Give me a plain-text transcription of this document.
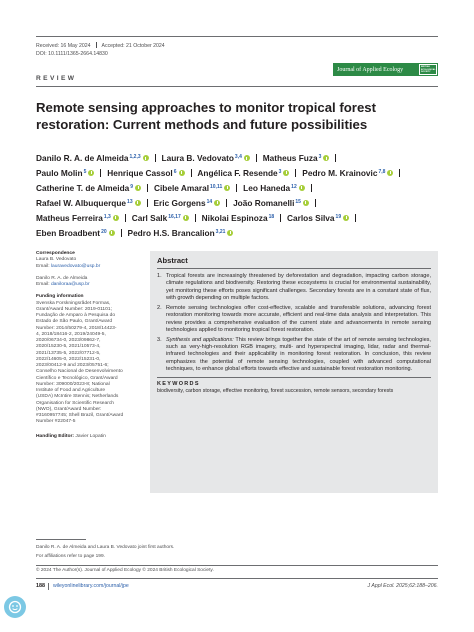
Received: 16 May 2024 Accepted: 21 October 2024
DOI: 10.1111/1365-2664.14830
Journal of Applied Ecology	BRITISH ECOLOGICAL SOCIETY
REVIEW
Remote sensing approaches to monitor tropical forest restoration: Current methods and future possibilities
Danilo R. A. de Almeida$^{1,2,3}$	Laura B. Vedovato$^{3,4}$	Matheus Fuza$^3$
Paulo Molin$^5$	Henrique Cassol$^6$	Angélica F. Resende$^3$	Pedro M. Krainovic$^{7,8}$
Catherine T. de Almeida$^9$	Cibele Amaral$^{10,11}$	Leo Haneda$^{12}$
Rafael W. Albuquerque$^{13}$	Eric Gorgens$^{14}$	João Romanelli$^{15}$
Matheus Ferreira$^{1,3}$	Carl Salk$^{16,17}$	Nikolai Espinoza$^{18}$ Carlos Silva$^{19}$
Eben Broadbent$^{20}$	Pedro H.S. Brancalion$^{3,21}$
Correspondence
Laura B. Vedovato
Email: lauravedovato@usp.br
Danilo R. A. de Almeida
Email: daniloraa@usp.br
Funding information
Svenska Forskningsrådet Formas,
Grant/Award Number: 2019-01101;
Fundação de Amparo à Pesquisa do
Estado de São Paulo, Grant/Award
Number: 2014/50279-4, 2018/14423-
4, 2018/18416-2, 2019/24049-5,
2020/06734-0, 2023/09862-7,
2020/15230-5, 2021/10573-4,
2021/13735-5, 2022/07712-5,
2022/14605-0, 2022/15231-0,
2023/00412-9 and 2023/05751-6;
Conselho Nacional de Desenvolvimento
Científico e Tecnológico, Grant/Award
Number: 309000/2023-8; National
Institute of Food and Agriculture
(USDA) McIntire Stennis; Netherlands
Organisation for Scientific Research
(NWO), Grant/Award Number:
#3160957745; Shell Brazil, Grant/Award
Number #22047-5
Handling Editor: Javier Lopatin
Abstract
1. Tropical forests are increasingly threatened by deforestation and degradation, impacting carbon storage, climate regulations and biodiversity. Restoring these ecosystems is crucial for environmental sustainability, yet monitoring these efforts poses significant challenges. Secondary forests are in a constant state of flux, with growth depending on multiple factors.
2. Remote sensing technologies offer cost-effective, scalable and transferable solutions, advancing forest restoration monitoring towards more accurate, efficient and real-time data analysis and interpretation. This review provides a comprehensive evaluation of the current state and advancements in remote sensing technologies applied to monitoring tropical forest restoration.
3. Synthesis and applications: This review brings together the state of the art of remote sensing technologies, such as very-high-resolution RGB imagery, multi- and hyperspectral imaging, lidar, radar and thermal-infrared technologies and their applicability in monitoring forest restoration. In conclusion, this review emphasizes the potential of remote sensing technologies, coupled with advanced computational techniques, to enhance global efforts towards effective and sustainable forest restoration monitoring.
KEYWORDS
biodiversity, carbon storage, effective monitoring, forest succession, remote sensors, secondary forests
Danilo R. A. de Almeida and Laura B. Vedovato joint first authors.
For affiliations refer to page 199.
© 2024 The Author(s). Journal of Applied Ecology © 2024 British Ecological Society.
188 wileyonlinelibrary.com/journal/jpe	J Appl Ecol. 2025;62:188–206.
